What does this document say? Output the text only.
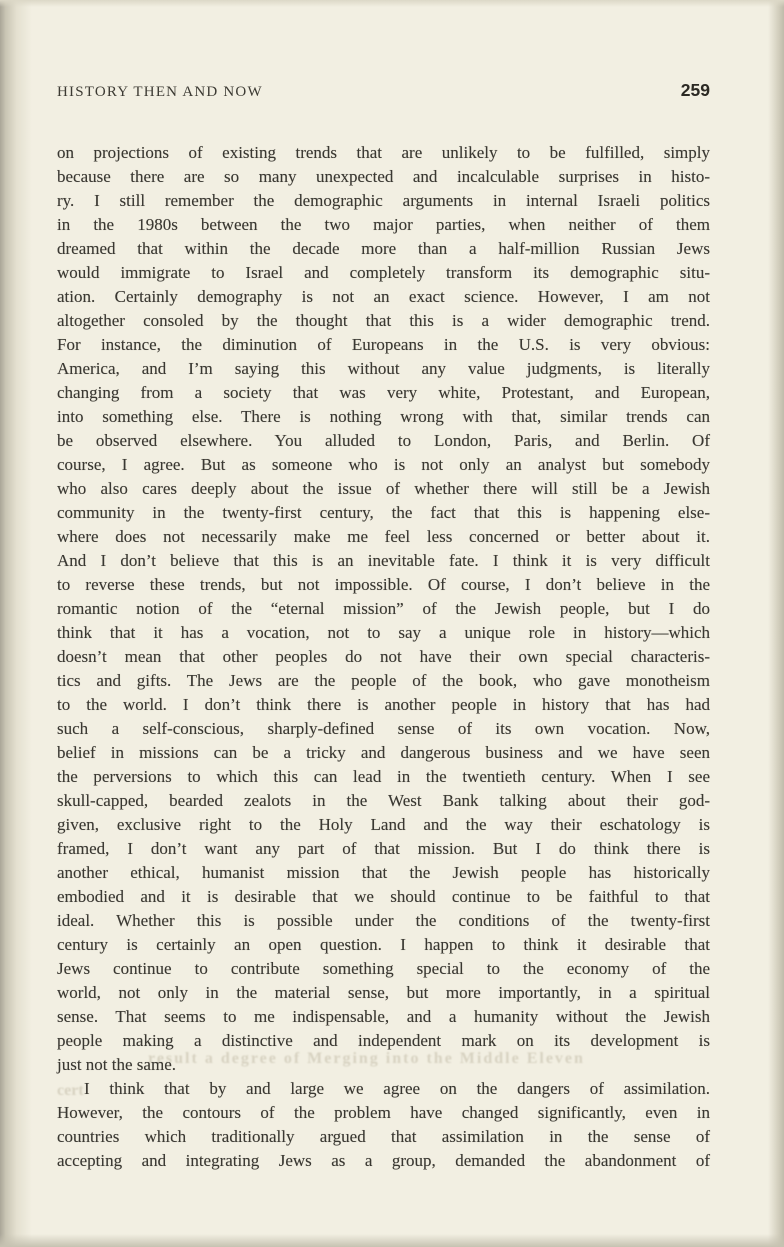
result a degree of Merging into the Middle Eleven
cert
HISTORY THEN AND NOW	259
on projections of existing trends that are unlikely to be fulfilled, simply
because there are so many unexpected and incalculable surprises in histo-
ry. I still remember the demographic arguments in internal Israeli politics
in the 1980s between the two major parties, when neither of them
dreamed that within the decade more than a half-million Russian Jews
would immigrate to Israel and completely transform its demographic situ-
ation. Certainly demography is not an exact science. However, I am not
altogether consoled by the thought that this is a wider demographic trend.
For instance, the diminution of Europeans in the U.S. is very obvious:
America, and I’m saying this without any value judgments, is literally
changing from a society that was very white, Protestant, and European,
into something else. There is nothing wrong with that, similar trends can
be observed elsewhere. You alluded to London, Paris, and Berlin. Of
course, I agree. But as someone who is not only an analyst but somebody
who also cares deeply about the issue of whether there will still be a Jewish
community in the twenty-first century, the fact that this is happening else-
where does not necessarily make me feel less concerned or better about it.
And I don’t believe that this is an inevitable fate. I think it is very difficult
to reverse these trends, but not impossible. Of course, I don’t believe in the
romantic notion of the “eternal mission” of the Jewish people, but I do
think that it has a vocation, not to say a unique role in history—which
doesn’t mean that other peoples do not have their own special characteris-
tics and gifts. The Jews are the people of the book, who gave monotheism
to the world. I don’t think there is another people in history that has had
such a self-conscious, sharply-defined sense of its own vocation. Now,
belief in missions can be a tricky and dangerous business and we have seen
the perversions to which this can lead in the twentieth century. When I see
skull-capped, bearded zealots in the West Bank talking about their god-
given, exclusive right to the Holy Land and the way their eschatology is
framed, I don’t want any part of that mission. But I do think there is
another ethical, humanist mission that the Jewish people has historically
embodied and it is desirable that we should continue to be faithful to that
ideal. Whether this is possible under the conditions of the twenty-first
century is certainly an open question. I happen to think it desirable that
Jews continue to contribute something special to the economy of the
world, not only in the material sense, but more importantly, in a spiritual
sense. That seems to me indispensable, and a humanity without the Jewish
people making a distinctive and independent mark on its development is
just not the same.
I think that by and large we agree on the dangers of assimilation.
However, the contours of the problem have changed significantly, even in
countries which traditionally argued that assimilation in the sense of
accepting and integrating Jews as a group, demanded the abandonment of
